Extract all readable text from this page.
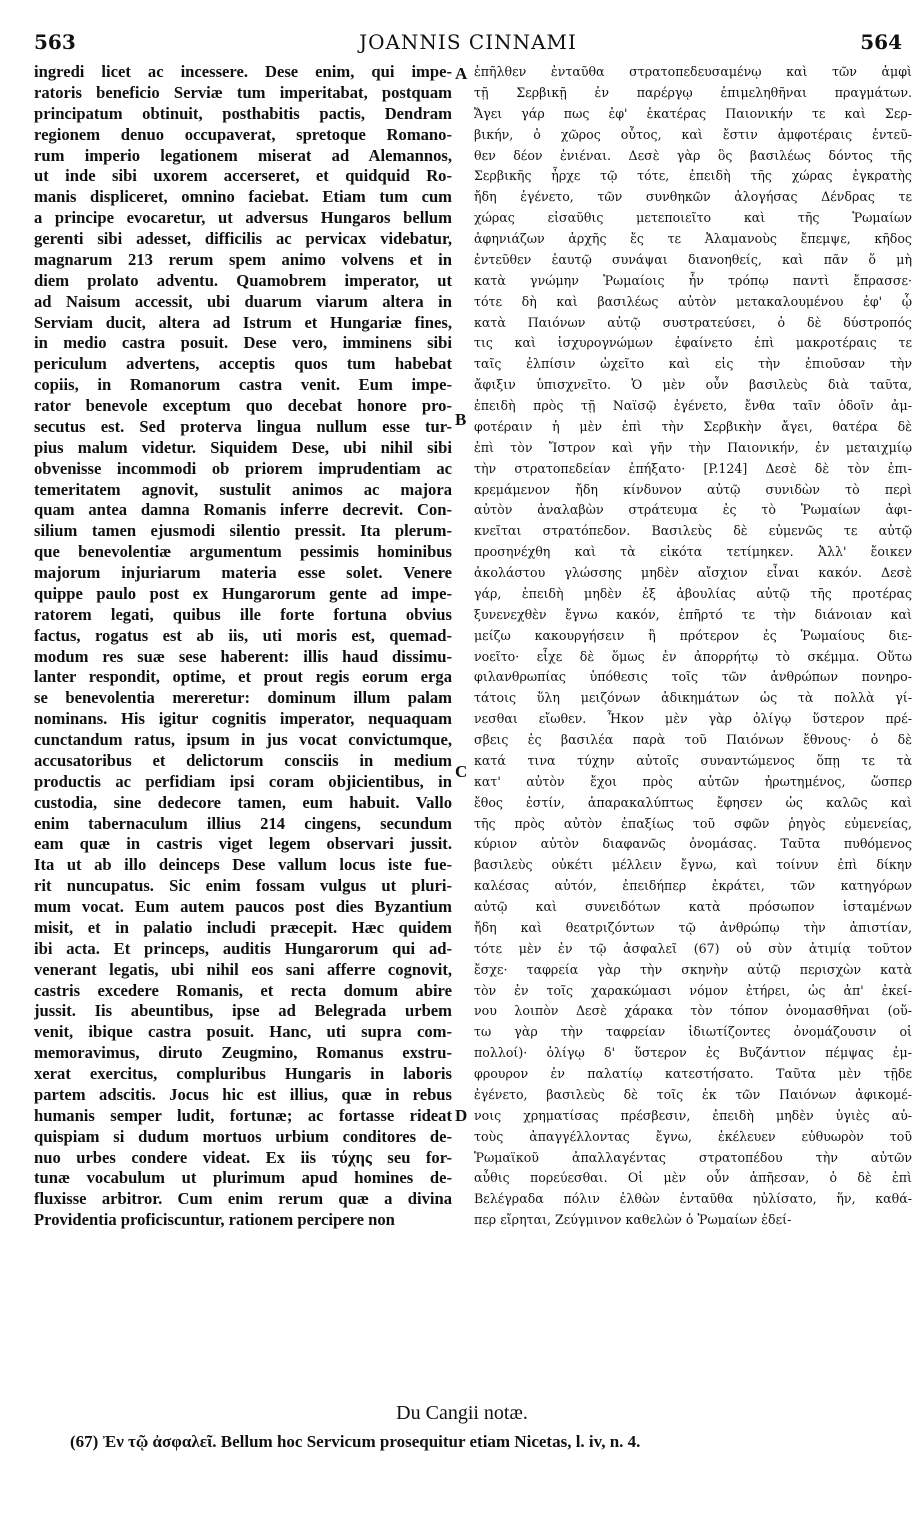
563	JOANNIS CINNAMI	564
ingredi licet ac incessere. Dese enim, qui impe-
ratoris beneficio Serviæ tum imperitabat, postquam
principatum obtinuit, posthabitis pactis, Dendram
regionem denuo occupaverat, spretoque Romano-
rum imperio legationem miserat ad Alemannos,
ut inde sibi uxorem accerseret, et quidquid Ro-
manis displiceret, omnino faciebat. Etiam tum cum
a principe evocaretur, ut adversus Hungaros bellum
gerenti sibi adesset, difficilis ac pervicax videbatur,
magnarum 213 rerum spem animo volvens et in
diem prolato adventu. Quamobrem imperator, ut
ad Naisum accessit, ubi duarum viarum altera in
Serviam ducit, altera ad Istrum et Hungariæ fines,
in medio castra posuit. Dese vero, imminens sibi
periculum advertens, acceptis quos tum habebat
copiis, in Romanorum castra venit. Eum impe-
rator benevole exceptum quo decebat honore pro-
secutus est. Sed proterva lingua nullum esse tur-
pius malum videtur. Siquidem Dese, ubi nihil sibi
obvenisse incommodi ob priorem imprudentiam ac
temeritatem agnovit, sustulit animos ac majora
quam antea damna Romanis inferre decrevit. Con-
silium tamen ejusmodi silentio pressit. Ita plerum-
que benevolentiæ argumentum pessimis hominibus
majorum injuriarum materia esse solet. Venere
quippe paulo post ex Hungarorum gente ad impe-
ratorem legati, quibus ille forte fortuna obvius
factus, rogatus est ab iis, uti moris est, quemad-
modum res suæ sese haberent: illis haud dissimu-
lanter respondit, optime, et prout regis eorum erga
se benevolentia mereretur: dominum illum palam
nominans. His igitur cognitis imperator, nequaquam
cunctandum ratus, ipsum in jus vocat convictumque,
accusatoribus et delictorum consciis in medium
productis ac perfidiam ipsi coram objicientibus, in
custodia, sine dedecore tamen, eum habuit. Vallo
enim tabernaculum illius 214 cingens, secundum
eam quæ in castris viget legem observari jussit.
Ita ut ab illo deinceps Dese vallum locus iste fue-
rit nuncupatus. Sic enim fossam vulgus ut pluri-
mum vocat. Eum autem paucos post dies Byzantium
misit, et in palatio includi præcepit. Hæc quidem
ibi acta. Et princeps, auditis Hungarorum qui ad-
venerant legatis, ubi nihil eos sani afferre cognovit,
castris excedere Romanis, et recta domum abire
jussit. Iis abeuntibus, ipse ad Belegrada urbem
venit, ibique castra posuit. Hanc, uti supra com-
memoravimus, diruto Zeugmino, Romanus exstru-
xerat exercitus, compluribus Hungaris in laboris
partem adscitis. Jocus hic est illius, quæ in rebus
humanis semper ludit, fortunæ; ac fortasse rideat
quispiam si dudum mortuos urbium conditores de-
nuo urbes condere videat. Ex iis τύχης seu for-
tunæ vocabulum ut plurimum apud homines de-
fluxisse arbitror. Cum enim rerum quæ a divina
Providentia proficiscuntur, rationem percipere non
ἐπῆλθεν ἐνταῦθα στρατοπεδευσαμένῳ καὶ τῶν ἀμφὶ
τῇ Σερβικῇ ἐν παρέργῳ ἐπιμεληθῆναι πραγμάτων.
Ἄγει γάρ πως ἐφ' ἑκατέρας Παιονικήν τε καὶ Σερ-
βικήν, ὁ χῶρος οὗτος, καὶ ἔστιν ἀμφοτέραις ἐντεῦ-
θεν δέον ἐνιέναι. Δεσὲ γὰρ ὃς βασιλέως δόντος τῆς
Σερβικῆς ἦρχε τῷ τότε, ἐπειδὴ τῆς χώρας ἐγκρατὴς
ἤδη ἐγένετο, τῶν συνθηκῶν ἀλογήσας Δένδρας τε
χώρας εἰσαῦθις μετεποιεῖτο καὶ τῆς Ῥωμαίων
ἀφηνιάζων ἀρχῆς ἔς τε Ἀλαμανοὺς ἔπεμψε, κῆδος
ἐντεῦθεν ἑαυτῷ συνάψαι διανοηθείς, καὶ πᾶν ὅ μὴ
κατὰ γνώμην Ῥωμαίοις ἦν τρόπῳ παντὶ ἔπρασσε·
τότε δὴ καὶ βασιλέως αὐτὸν μετακαλουμένου ἐφ' ᾧ
κατὰ Παιόνων αὐτῷ συστρατεύσει, ὁ δὲ δύστροπός
τις καὶ ἰσχυρογνώμων ἐφαίνετο ἐπὶ μακροτέραις τε
ταῖς ἐλπίσιν ὠχεῖτο καὶ εἰς τὴν ἐπιοῦσαν τὴν
ἄφιξιν ὑπισχνεῖτο. Ὁ μὲν οὖν βασιλεὺς διὰ ταῦτα,
ἐπειδὴ πρὸς τῇ Ναϊσῷ ἐγένετο, ἔνθα ταῖν ὁδοῖν ἀμ-
φοτέραιν ἡ μὲν ἐπὶ τὴν Σερβικὴν ἄγει, θατέρα δὲ
ἐπὶ τὸν Ἴστρον καὶ γῆν τὴν Παιονικήν, ἐν μεταιχμίῳ
τὴν στρατοπεδείαν ἐπήξατο· [P.124] Δεσὲ δὲ τὸν ἐπι-
κρεμάμενον ἤδη κίνδυνον αὐτῷ συνιδὼν τὸ περὶ
αὐτὸν ἀναλαβὼν στράτευμα ἐς τὸ Ῥωμαίων ἀφι-
κνεῖται στρατόπεδον. Βασιλεὺς δὲ εὐμενῶς τε αὐτῷ
προσηνέχθη καὶ τὰ εἰκότα τετίμηκεν. Ἀλλ' ἔοικεν
ἀκολάστου γλώσσης μηδὲν αἴσχιον εἶναι κακόν. Δεσὲ
γάρ, ἐπειδὴ μηδὲν ἐξ ἀβουλίας αὐτῷ τῆς προτέρας
ξυνενεχθὲν ἔγνω κακόν, ἐπῆρτό τε τὴν διάνοιαν καὶ
μείζω κακουργήσειν ἢ πρότερον ἐς Ῥωμαίους διε-
νοεῖτο· εἶχε δὲ ὅμως ἐν ἀπορρήτῳ τὸ σκέμμα. Οὕτω
φιλανθρωπίας ὑπόθεσις τοῖς τῶν ἀνθρώπων πονηρο-
τάτοις ὕλη μειζόνων ἀδικημάτων ὡς τὰ πολλὰ γί-
νεσθαι εἴωθεν. Ἧκον μὲν γὰρ ὀλίγῳ ὕστερον πρέ-
σβεις ἐς βασιλέα παρὰ τοῦ Παιόνων ἔθνους· ὁ δὲ
κατά τινα τύχην αὐτοῖς συναντώμενος ὅπῃ τε τὰ
κατ' αὐτὸν ἔχοι πρὸς αὐτῶν ἠρωτημένος, ὥσπερ
ἔθος ἐστίν, ἀπαρακαλύπτως ἔφησεν ὡς καλῶς καὶ
τῆς πρὸς αὐτὸν ἐπαξίως τοῦ σφῶν ῥηγὸς εὐμενείας,
κύριον αὐτὸν διαφανῶς ὀνομάσας. Ταῦτα πυθόμενος
βασιλεὺς οὐκέτι μέλλειν ἔγνω, καὶ τοίνυν ἐπὶ δίκην
καλέσας αὐτόν, ἐπειδήπερ ἐκράτει, τῶν κατηγόρων
αὐτῷ καὶ συνειδότων κατὰ πρόσωπον ἱσταμένων
ἤδη καὶ θεατριζόντων τῷ ἀνθρώπῳ τὴν ἀπιστίαν,
τότε μὲν ἐν τῷ ἀσφαλεῖ (67) οὐ σὺν ἀτιμίᾳ τοῦτον
ἔσχε· ταφρεία γὰρ τὴν σκηνὴν αὐτῷ περισχὼν κατὰ
τὸν ἐν τοῖς χαρακώμασι νόμον ἐτήρει, ὡς ἀπ' ἐκεί-
νου λοιπὸν Δεσὲ χάρακα τὸν τόπον ὀνομασθῆναι (οὕ-
τω γὰρ τὴν ταφρείαν ἰδιωτίζοντες ὀνομάζουσιν οἱ
πολλοί)· ὀλίγῳ δ' ὕστερον ἐς Βυζάντιον πέμψας ἐμ-
φρουρον ἐν παλατίῳ κατεστήσατο. Ταῦτα μὲν τῇδε
ἐγένετο, βασιλεὺς δὲ τοῖς ἐκ τῶν Παιόνων ἀφικομέ-
νοις χρηματίσας πρέσβεσιν, ἐπειδὴ μηδὲν ὑγιὲς αὐ-
τοὺς ἀπαγγέλλοντας ἔγνω, ἐκέλευεν εὐθυωρὸν τοῦ
Ῥωμαϊκοῦ ἀπαλλαγέντας στρατοπέδου τὴν αὐτῶν
αὖθις πορεύεσθαι. Οἱ μὲν οὖν ἀπῆεσαν, ὁ δὲ ἐπὶ
Βελέγραδα πόλιν ἐλθὼν ἐνταῦθα ηὐλίσατο, ἥν, καθά-
περ εἴρηται, Ζεύγμινον καθελὼν ὁ Ῥωμαίων ἐδεί-
A
B
C
D
Du Cangii notæ.
(67) Ἐν τῷ ἀσφαλεῖ. Bellum hoc Servicum prosequitur etiam Nicetas, l. iv, n. 4.
